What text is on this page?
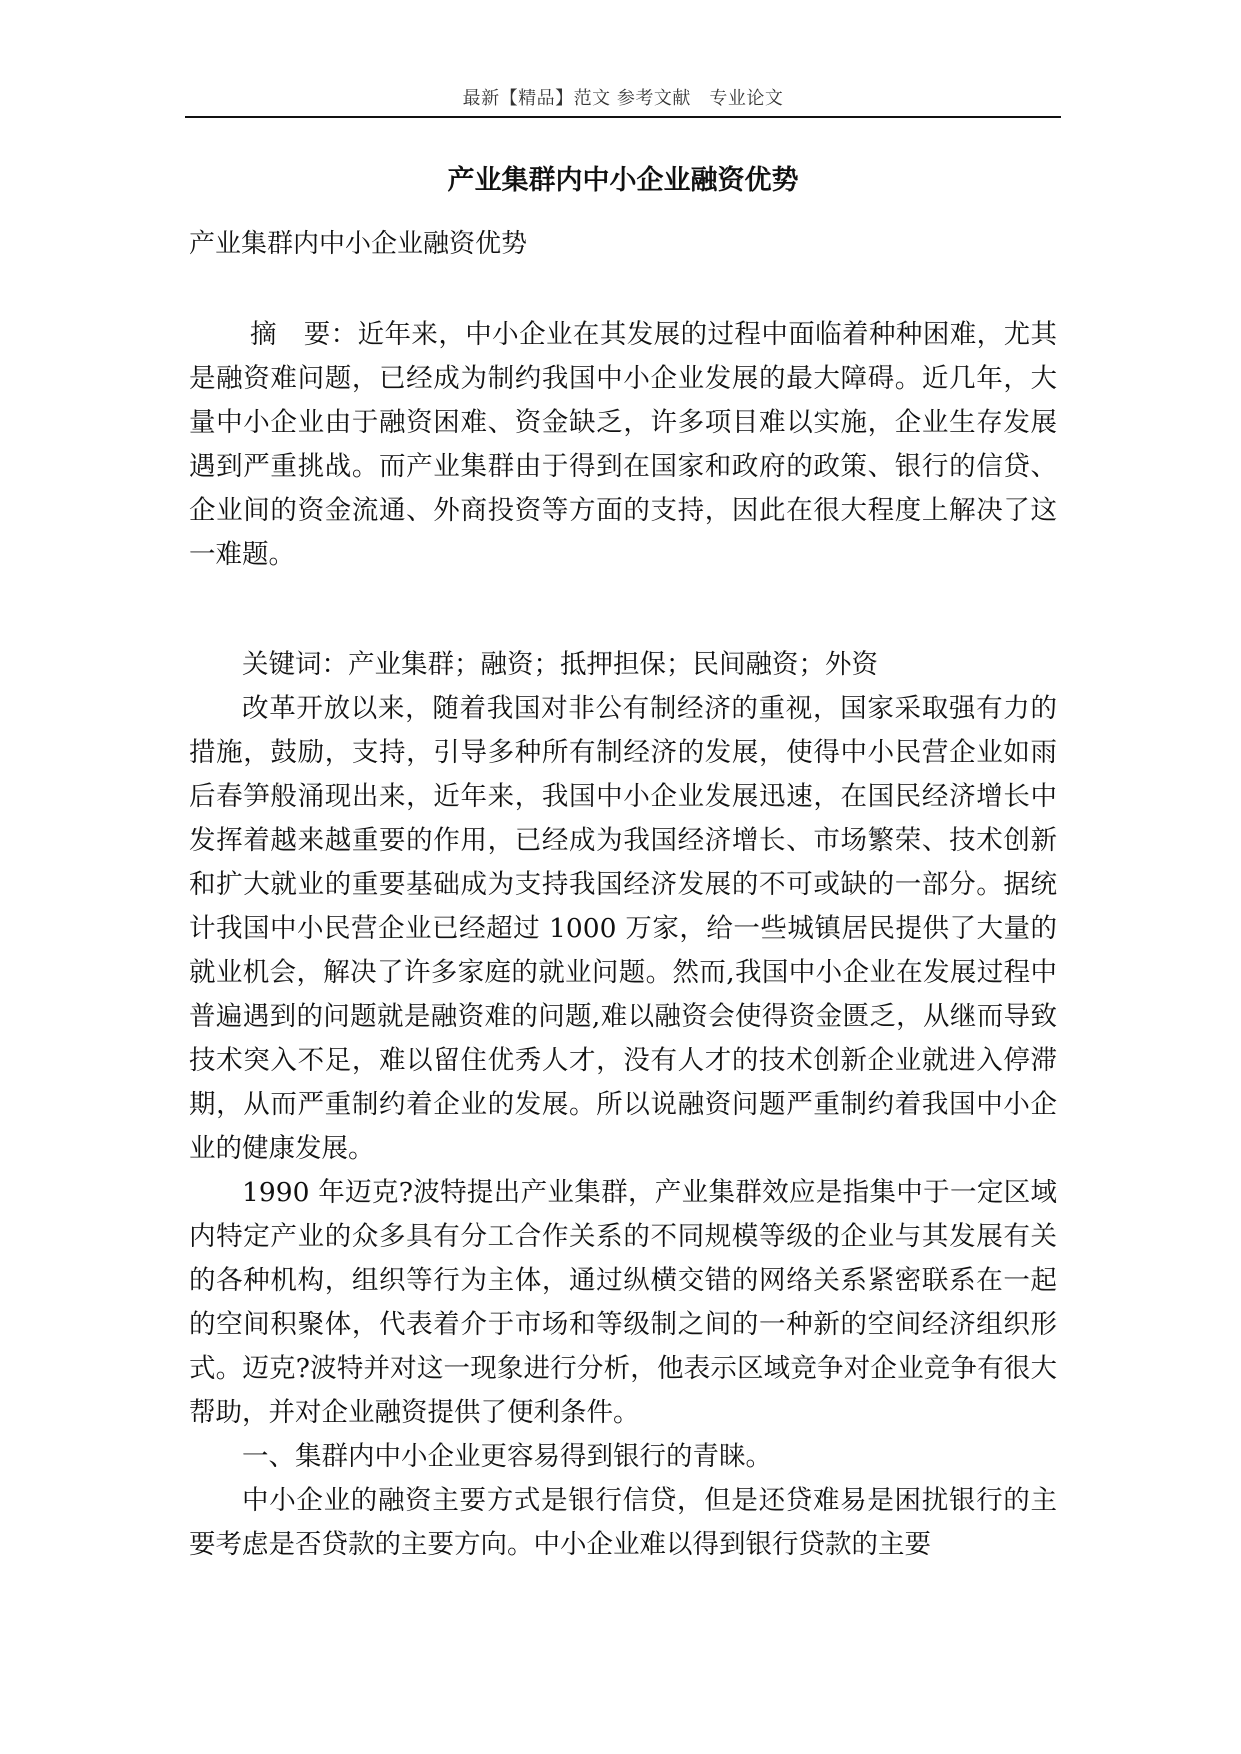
最新【精品】范文 参考文献　专业论文
产业集群内中小企业融资优势

产业集群内中小企业融资优势

摘　要：近年来，中小企业在其发展的过程中面临着种种困难，尤其是融资难问题，已经成为制约我国中小企业发展的最大障碍。近几年，大量中小企业由于融资困难、资金缺乏，许多项目难以实施，企业生存发展遇到严重挑战。而产业集群由于得到在国家和政府的政策、银行的信贷、企业间的资金流通、外商投资等方面的支持，因此在很大程度上解决了这一难题。

关键词：产业集群；融资；抵押担保；民间融资；外资

改革开放以来，随着我国对非公有制经济的重视，国家采取强有力的措施，鼓励，支持，引导多种所有制经济的发展，使得中小民营企业如雨后春笋般涌现出来，近年来，我国中小企业发展迅速，在国民经济增长中发挥着越来越重要的作用，已经成为我国经济增长、市场繁荣、技术创新和扩大就业的重要基础成为支持我国经济发展的不可或缺的一部分。据统计我国中小民营企业已经超过 1000 万家，给一些城镇居民提供了大量的就业机会，解决了许多家庭的就业问题。然而,我国中小企业在发展过程中普遍遇到的问题就是融资难的问题,难以融资会使得资金匮乏，从继而导致技术突入不足，难以留住优秀人才，没有人才的技术创新企业就进入停滞期，从而严重制约着企业的发展。所以说融资问题严重制约着我国中小企业的健康发展。

1990 年迈克?波特提出产业集群，产业集群效应是指集中于一定区域内特定产业的众多具有分工合作关系的不同规模等级的企业与其发展有关的各种机构，组织等行为主体，通过纵横交错的网络关系紧密联系在一起的空间积聚体，代表着介于市场和等级制之间的一种新的空间经济组织形式。迈克?波特并对这一现象进行分析，他表示区域竞争对企业竞争有很大帮助，并对企业融资提供了便利条件。

一、集群内中小企业更容易得到银行的青睐。

中小企业的融资主要方式是银行信贷，但是还贷难易是困扰银行的主要考虑是否贷款的主要方向。中小企业难以得到银行贷款的主要
